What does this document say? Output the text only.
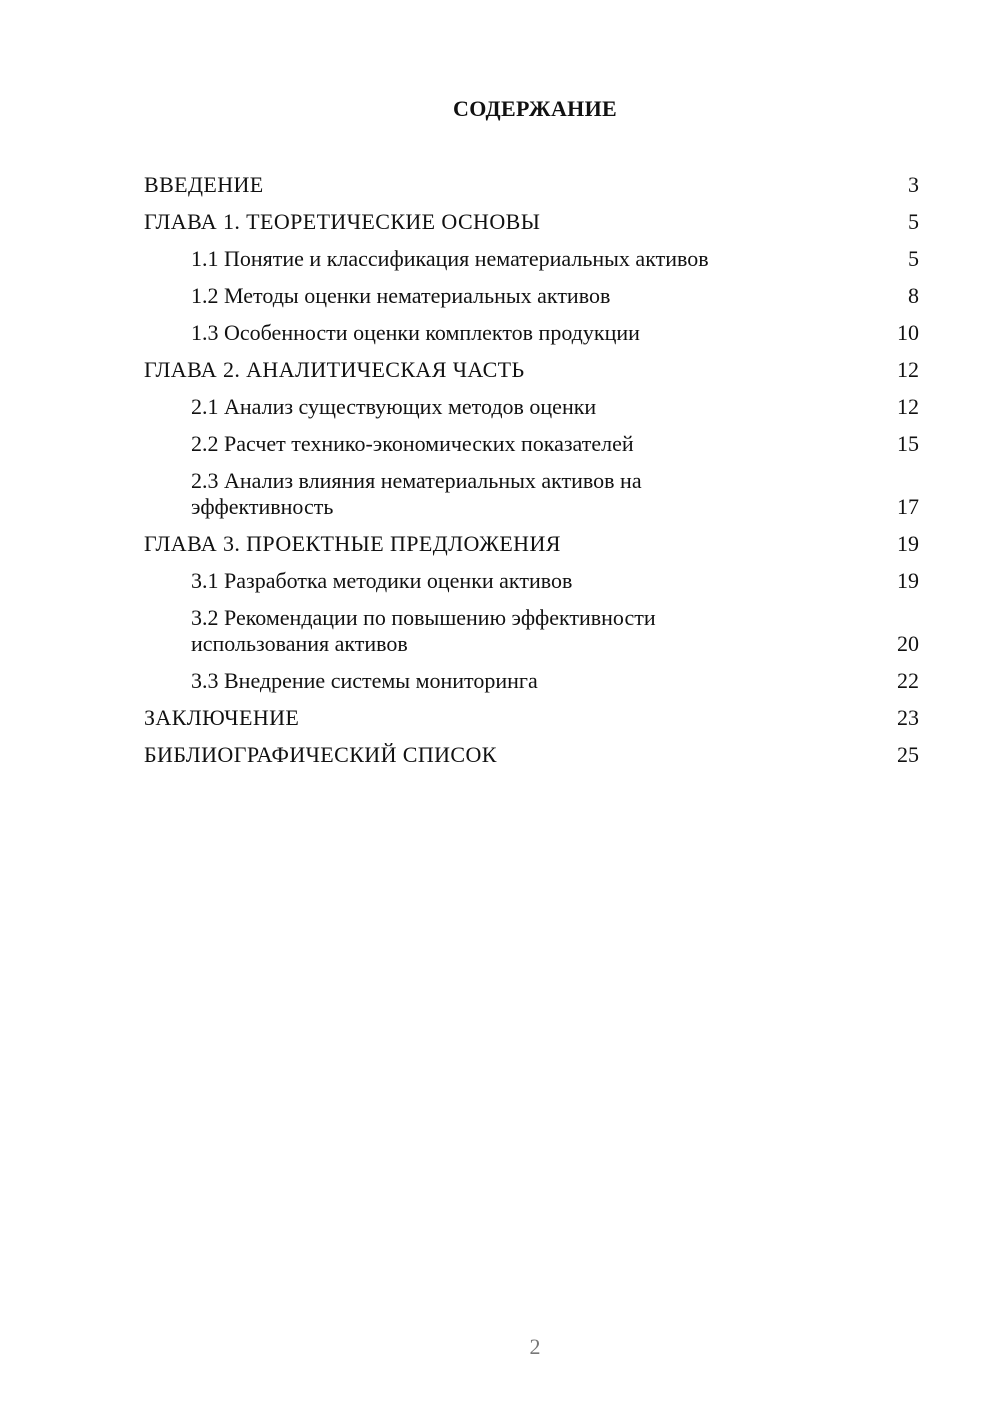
СОДЕРЖАНИЕ
ВВЕДЕНИЕ	3
ГЛАВА 1. ТЕОРЕТИЧЕСКИЕ ОСНОВЫ	5
1.1 Понятие и классификация нематериальных активов	5
1.2 Методы оценки нематериальных активов	8
1.3 Особенности оценки комплектов продукции	10
ГЛАВА 2. АНАЛИТИЧЕСКАЯ ЧАСТЬ	12
2.1 Анализ существующих методов оценки	12
2.2 Расчет технико-экономических показателей	15
2.3 Анализ влияния нематериальных активов на эффективность	17
ГЛАВА 3. ПРОЕКТНЫЕ ПРЕДЛОЖЕНИЯ	19
3.1 Разработка методики оценки активов	19
3.2 Рекомендации по повышению эффективности использования активов	20
3.3 Внедрение системы мониторинга	22
ЗАКЛЮЧЕНИЕ	23
БИБЛИОГРАФИЧЕСКИЙ СПИСОК	25
2
